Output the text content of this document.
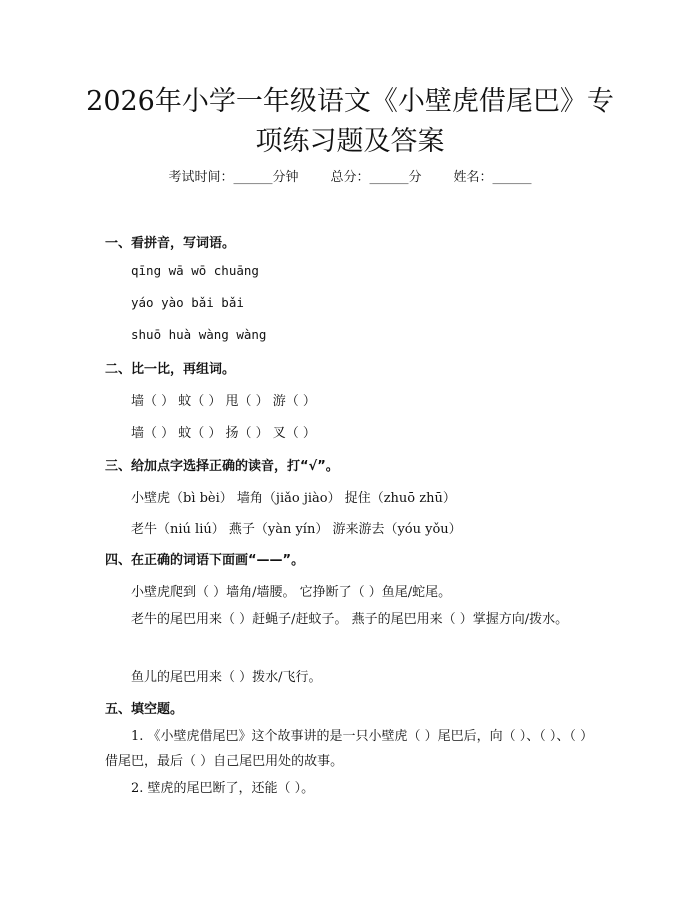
2026年小学一年级语文《小壁虎借尾巴》专
项练习题及答案
考试时间：______分钟 总分：______分 姓名：______
一、看拼音，写词语。
qīng wā wō chuāng
yáo yào bǎi bǎi
shuō huà wàng wàng
二、比一比，再组词。
墙（ ） 蚊（ ） 甩（ ） 游（ ）
墙（ ） 蚊（ ） 扬（ ） 叉（ ）
三、给加点字选择正确的读音，打“√”。
小壁虎（bì bèi） 墙角（jiǎo jiào） 捉住（zhuō zhū）
老牛（niú liú） 燕子（yàn yín） 游来游去（yóu yǒu）
四、在正确的词语下面画“——”。
小壁虎爬到（ ）墙角/墙腰。 它挣断了（ ）鱼尾/蛇尾。
老牛的尾巴用来（ ）赶蝇子/赶蚊子。 燕子的尾巴用来（ ）掌握方向/拨水。
鱼儿的尾巴用来（ ）拨水/飞行。
五、填空题。
1. 《小壁虎借尾巴》这个故事讲的是一只小壁虎（ ）尾巴后，向（ ）、（ ）、（ ）借尾巴，最后（ ）自己尾巴用处的故事。
2. 壁虎的尾巴断了，还能（ ）。
